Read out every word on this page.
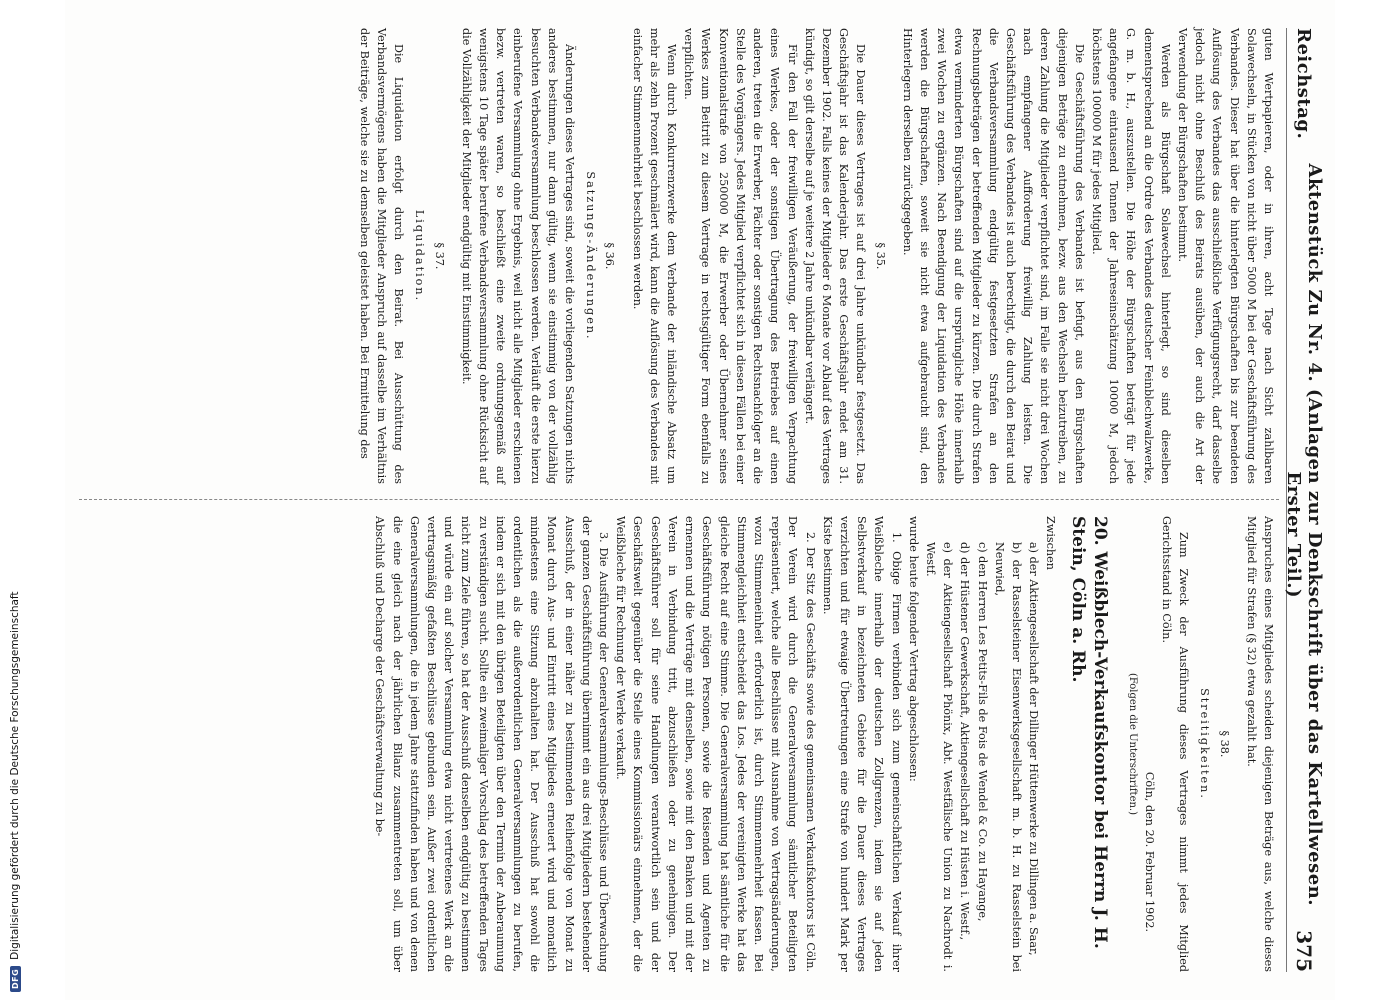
DFG
Digitalisierung gefördert durch die Deutsche Forschungsgemeinschaft
Reichstag.
Aktenstück Zu Nr. 4. (Anlagen zur Denkschrift über das Kartellwesen. Erster Teil.)
375

guten Wertpapieren, oder in ihren, acht Tage nach Sicht zahlbaren Solawechseln, in Stücken von nicht über 5000 M bei der Geschäftsführung des Verbandes. Dieser hat über die hinterlegten Bürgschaften bis zur beendeten Auflösung des Verbandes das ausschließliche Verfügungsrecht, darf dasselbe jedoch nicht ohne Beschluß des Beirats ausüben, der auch die Art der Verwendung der Bürgschaften bestimmt.

Werden als Bürgschaft Solawechsel hinterlegt, so sind dieselben dementsprechend an die Ordre des Verbandes deutscher Feinblechwalzwerke, G. m. b. H., auszustellen. Die Höhe der Bürgschaften beträgt für jede angefangene eintausend Tonnen der Jahreseinschätzung 10000 M, jedoch höchstens 100000 M für jedes Mitglied.

Die Geschäftsführung des Verbandes ist befugt, aus den Bürgschaften diejenigen Beträge zu entnehmen, bezw. aus den Wechseln beizutreiben, zu deren Zahlung die Mitglieder verpflichtet sind, im Falle sie nicht drei Wochen nach empfangener Aufforderung freiwillig Zahlung leisten. Die Geschäftsführung des Verbandes ist auch berechtigt, die durch den Beirat und die Verbandsversammlung endgültig festgesetzten Strafen an den Rechnungsbeträgen der betreffenden Mitglieder zu kürzen. Die durch Strafen etwa verminderten Bürgschaften sind auf die ursprüngliche Höhe innerhalb zwei Wochen zu ergänzen. Nach Beendigung der Liquidation des Verbandes werden die Bürgschaften, soweit sie nicht etwa aufgebraucht sind, den Hinterlegern derselben zurückgegeben.

§ 35.

Die Dauer dieses Vertrages ist auf drei Jahre unkündbar festgesetzt. Das Geschäftsjahr ist das Kalenderjahr. Das erste Geschäftsjahr endet am 31. Dezember 1902. Falls keines der Mitglieder 6 Monate vor Ablauf des Vertrages kündigt, so gilt derselbe auf je weitere 2 Jahre unkündbar verlängert.

Für den Fall der freiwilligen Veräußerung, der freiwilligen Verpachtung eines Werkes, oder der sonstigen Übertragung des Betriebes auf einen anderen, treten die Erwerber, Pächter oder sonstigen Rechtsnachfolger an die Stelle des Vorgängers. Jedes Mitglied verpflichtet sich in diesen Fällen bei einer Konventionalstrafe von 250000 M, die Erwerber oder Übernehmer seines Werkes zum Beitritt zu diesem Vertrage in rechtsgültiger Form ebenfalls zu verpflichten.

Wenn durch Konkurrenzwerke dem Verbande der inländische Absatz um mehr als zehn Prozent geschmälert wird, kann die Auflösung des Verbandes mit einfacher Stimmenmehrheit beschlossen werden.

§ 36.
Satzungs-Änderungen.

Änderungen dieses Vertrages sind, soweit die vorliegenden Satzungen nichts anderes bestimmen, nur dann gültig, wenn sie einstimmig von der vollzählig besuchten Verbandsversammlung beschlossen werden. Verläuft die erste hierzu einberufene Versammlung ohne Ergebnis, weil nicht alle Mitglieder erschienen bezw. vertreten waren, so beschließt eine zweite ordnungsgemäß auf wenigstens 10 Tage später berufene Verbandsversammlung ohne Rücksicht auf die Vollzähligkeit der Mitglieder endgültig mit Einstimmigkeit.

§ 37.
Liquidation.

Die Liquidation erfolgt durch den Beirat. Bei Ausschüttung des Verbandsvermögens haben die Mitglieder Anspruch auf dasselbe im Verhältnis der Beiträge, welche sie zu demselben geleistet haben. Bei Ermittelung des

Anspruches eines Mitgliedes scheiden diejenigen Beträge aus, welche dieses Mitglied für Strafen (§ 32) etwa gezahlt hat.

§ 38.
Streitigkeiten.

Zum Zweck der Ausführung dieses Vertrages nimmt jedes Mitglied Gerichtsstand in Cöln.

Cöln, den 20. Februar 1902.
(Folgen die Unterschriften.)
20. Weißblech-Verkaufskontor bei Herrn J. H. Stein, Cöln a. Rh.

Zwischen

a) der Aktiengesellschaft der Dillinger Hüttenwerke zu Dillingen a. Saar,

b) der Rasselsteiner Eisenwerksgesellschaft m. b. H. zu Rasselstein bei Neuwied,

c) den Herren Les Petits-Fils de Fois de Wendel & Co. zu Hayange,

d) der Hüstener Gewerkschaft, Aktiengesellschaft zu Hüsten i. Westf.,

e) der Aktiengesellschaft Phönix, Abt. Westfälische Union zu Nachrodt i. Westf.

wurde heute folgender Vertrag abgeschlossen:

1. Obige Firmen verbinden sich zum gemeinschaftlichen Verkauf ihrer Weißbleche innerhalb der deutschen Zollgrenzen, indem sie auf jeden Selbstverkauf in bezeichneten Gebiete für die Dauer dieses Vertrages verzichten und für etwaige Übertretungen eine Strafe von hundert Mark per Kiste bestimmen.

2. Der Sitz des Geschäfts sowie des gemeinsamen Verkaufskontors ist Cöln. Der Verein wird durch die Generalversammlung sämtlicher Beteiligten repräsentiert, welche alle Beschlüsse mit Ausnahme von Vertragsänderungen, wozu Stimmeneinheit erforderlich ist, durch Stimmenmehrheit fassen. Bei Stimmengleichheit entscheidet das Los. Jedes der vereinigten Werke hat das gleiche Recht auf eine Stimme. Die Generalversammlung hat sämtliche für die Geschäftsführung nötigen Personen, sowie die Reisenden und Agenten zu ernennen und die Verträge mit denselben, sowie mit den Banken und mit der Verein in Verbindung tritt, abzuschließen oder zu genehmigen. Der Geschäftsführer soll für seine Handlungen verantwortlich sein und der Geschäftswelt gegenüber die Stelle eines Kommissionärs einnehmen, der die Weißbleche für Rechnung der Werke verkauft.

3. Die Ausführung der Generalversammlungs-Beschlüsse und Überwachung der ganzen Geschäftsführung übernimmt ein aus drei Mitgliedern bestehender Ausschuß, der in einer näher zu bestimmenden Reihenfolge von Monat zu Monat durch Aus- und Eintritt eines Mitgliedes erneuert wird und monatlich mindestens eine Sitzung abzuhalten hat. Der Ausschuß hat sowohl die ordentlichen als die außerordentlichen Generalversammlungen zu berufen, indem er sich mit den übrigen Beteiligten über den Termin der Anberaumung zu verständigen sucht. Sollte ein zweimaliger Vorschlag des betreffenden Tages nicht zum Ziele führen, so hat der Ausschuß denselben endgültig zu bestimmen und würde ein auf solcher Versammlung etwa nicht vertretenes Werk an die vertragsmäßig gefaßten Beschlüsse gebunden sein. Außer zwei ordentlichen Generalversammlungen, die in jedem Jahre stattzufinden haben und von denen die eine gleich nach der jährlichen Bilanz zusammentreten soll, um über Abschluß und Decharge der Geschäftsverwaltung zu be-
